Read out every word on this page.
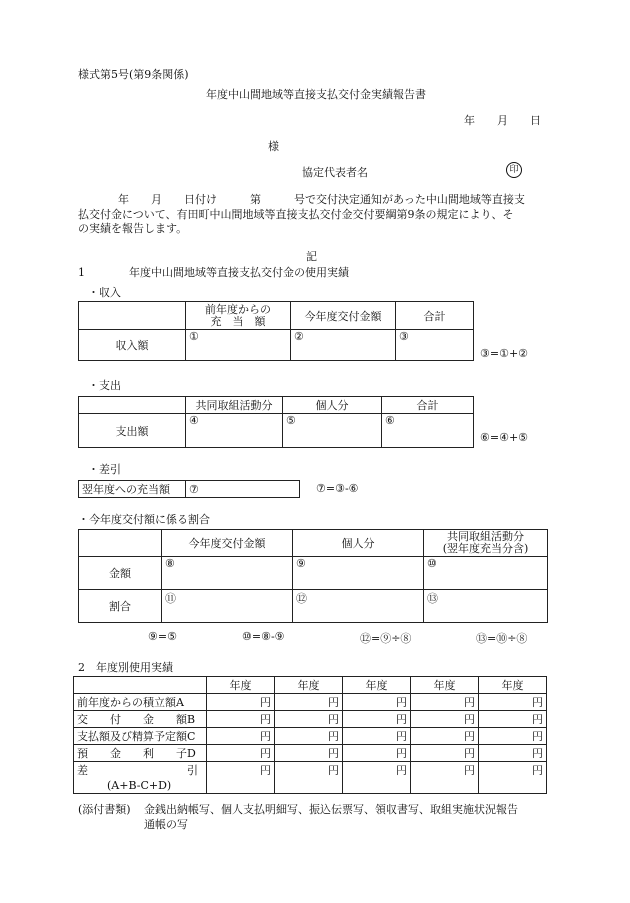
様式第5号(第9条関係)
年度中山間地域等直接支払交付金実績報告書
年　　月　　日
様
協定代表者名	印
年　　月　　日付け　　　第　　　号で交付決定通知があった中山間地域等直接支
払交付金について、有田町中山間地域等直接支払交付金交付要綱第9条の規定により、そ
の実績を報告します。
記
1　　　　年度中山間地域等直接支払交付金の使用実績
・収入
	前年度からの
充　当　額	今年度交付金額	合計
収入額	①	②	③
③=①+②
・支出
	共同取組活動分	個人分	合計
支出額	④	⑤	⑥
⑥=④+⑤
・差引
翌年度への充当額	⑦	⑦=③-⑥
・今年度交付額に係る割合
	今年度交付金額	個人分	共同取組活動分
(翌年度充当分含)
金額	⑧	⑨	⑩
割合	⑪	⑫	⑬
⑨=⑤	⑩=⑧-⑨	⑫=⑨÷⑧	⑬=⑩÷⑧
2　年度別使用実績
	年度	年度	年度	年度	年度
前年度からの積立額A	円	円	円	円	円
交　　付　　金　　額B	円	円	円	円	円
支払額及び精算予定額C	円	円	円	円	円
預　　金　　利　　子D	円	円	円	円	円

差　　　　　　　　　引
(A+B-C+D)	円	円	円	円	円
(添付書類) 金銭出納帳写、個人支払明細写、振込伝票写、領収書写、取組実施状況報告
通帳の写
